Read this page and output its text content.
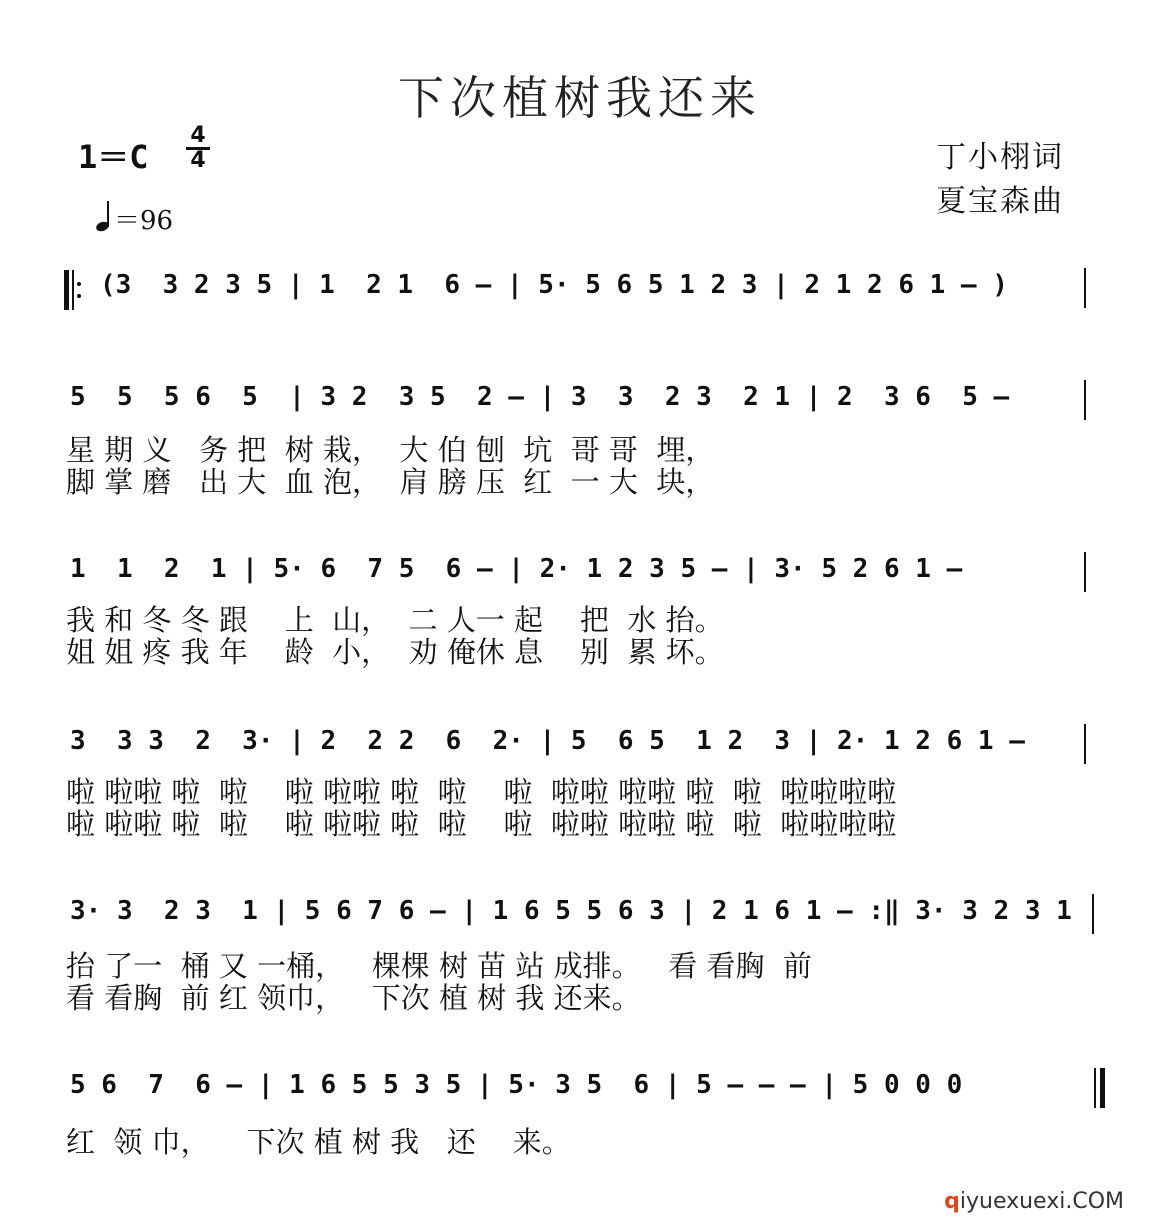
下次植树我还来
1＝C
4
4
＝96
丁小栩词
夏宝森曲
(3  3 2 3 5 | 1  2 1  6 – | 5· 5 6 5 1 2 3 | 2 1 2 6 1 – )
5  5  5 6  5  | 3 2  3 5  2 – | 3  3  2 3  2 1 | 2  3 6  5 –
星 期 义   务 把  树 栽，  大 伯 刨  坑  哥 哥  埋，
脚 掌 磨   出 大  血 泡，  肩 膀 压  红  一 大  块，
1  1  2  1 | 5· 6  7 5  6 – | 2· 1 2 3 5 – | 3· 5 2 6 1 –
我 和 冬 冬 跟    上  山，  二 人一 起    把  水 抬。
姐 姐 疼 我 年    龄  小，  劝 俺休 息    别  累 坏。
3  3 3  2  3· | 2  2 2  6  2· | 5  6 5  1 2  3 | 2· 1 2 6 1 –
啦 啦啦 啦  啦    啦 啦啦 啦  啦    啦  啦啦 啦啦 啦  啦  啦啦啦啦
啦 啦啦 啦  啦    啦 啦啦 啦  啦    啦  啦啦 啦啦 啦  啦  啦啦啦啦
3· 3  2 3  1 | 5 6 7 6 – | 1 6 5 5 6 3 | 2 1 6 1 – :‖ 3· 3 2 3 1
抬 了一  桶 又 一桶，   棵棵 树 苗 站 成排。   看 看胸  前
看 看胸  前 红 领巾，   下次 植 树 我 还来。
5 6  7  6 – | 1 6 5 5 3 5 | 5· 3 5  6 | 5 – – – | 5 0 0 0
红  领 巾，    下次 植 树 我   还    来。
qiyuexuexi.COM
